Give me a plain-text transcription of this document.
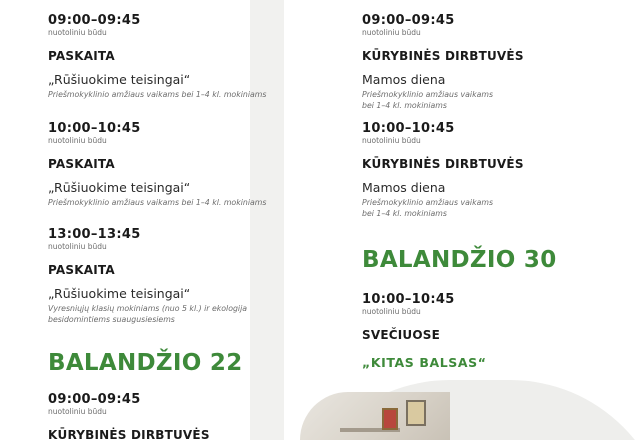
09:00–09:45
nuotoliniu būdu
PASKAITA
„Rūšiuokime teisingai“
Priešmokyklinio amžiaus vaikams bei 1–4 kl. mokiniams
10:00–10:45
nuotoliniu būdu
PASKAITA
„Rūšiuokime teisingai“
Priešmokyklinio amžiaus vaikams bei 1–4 kl. mokiniams
13:00–13:45
nuotoliniu būdu
PASKAITA
„Rūšiuokime teisingai“
Vyresniųjų klasių mokiniams (nuo 5 kl.) ir ekologija
besidomintiems suaugusiesiems
BALANDŽIO 22
09:00–09:45
nuotoliniu būdu
KŪRYBINĖS DIRBTUVĖS
09:00–09:45
nuotoliniu būdu
KŪRYBINĖS DIRBTUVĖS
Mamos diena
Priešmokyklinio amžiaus vaikams
bei 1–4 kl. mokiniams
10:00–10:45
nuotoliniu būdu
KŪRYBINĖS DIRBTUVĖS
Mamos diena
Priešmokyklinio amžiaus vaikams
bei 1–4 kl. mokiniams
BALANDŽIO 30
10:00–10:45
nuotoliniu būdu
SVEČIUOSE
„KITAS BALSAS“
